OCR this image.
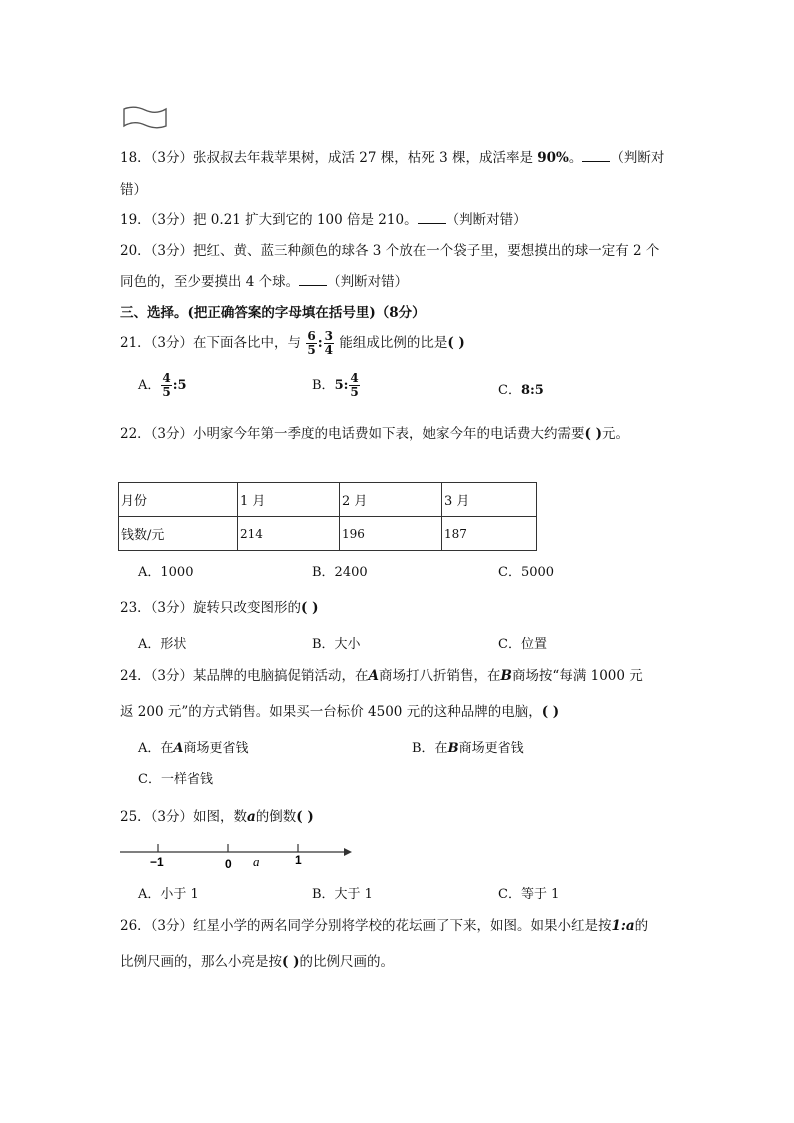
18．（3分）张叔叔去年栽苹果树，成活 27 棵，枯死 3 棵，成活率是 90%。 （判断对
错）
19．（3分）把 0.21 扩大到它的 100 倍是 210。 （判断对错）
20．（3分）把红、黄、蓝三种颜色的球各 3 个放在一个袋子里，要想摸出的球一定有 2 个
同色的，至少要摸出 4 个球。 （判断对错）
三、选择。(把正确答案的字母填在括号里)（8分）
21．（3分）在下面各比中，与 $\frac{6}{5}$ : $\frac{3}{4}$ 能组成比例的比是( )
A． $\frac{4}{5}$ :5	B．5: $\frac{4}{5}$	C．8:5
22．（3分）小明家今年第一季度的电话费如下表，她家今年的电话费大约需要( )元。
月份	1 月	2 月	3 月
钱数/元	214	196	187
A．1000	B．2400	C．5000
23．（3分）旋转只改变图形的( )
A．形状	B．大小	C．位置
24．（3分）某品牌的电脑搞促销活动，在A商场打八折销售，在B商场按“每满 1000 元
返 200 元”的方式销售。如果买一台标价 4500 元的这种品牌的电脑，( )
A．在A商场更省钱	B．在B商场更省钱
C．一样省钱
25．（3分）如图，数a的倒数( )
−1	0 a	1
A．小于 1	B．大于 1	C．等于 1
26．（3分）红星小学的两名同学分别将学校的花坛画了下来，如图。如果小红是按1:a的
比例尺画的，那么小亮是按( )的比例尺画的。
